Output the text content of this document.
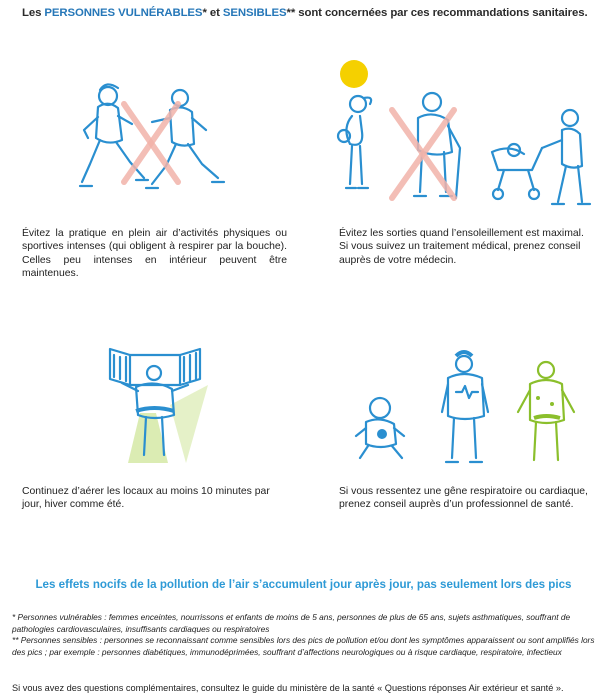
Les PERSONNES VULNÉRABLES* et SENSIBLES** sont concernées par ces recommandations sanitaires.
Évitez la pratique en plein air d’activités physiques ou sportives intenses (qui obligent à respirer par la bouche). Celles peu intenses en intérieur peuvent être maintenues.
Évitez les sorties quand l’ensoleillement est maximal. Si vous suivez un traitement médical, prenez conseil auprès de votre médecin.
Continuez d’aérer les locaux au moins 10 minutes par jour, hiver comme été.
Si vous ressentez une gêne respiratoire ou cardiaque, prenez conseil auprès d’un professionnel de santé.
Les effets nocifs de la pollution de l’air s’accumulent jour après jour, pas seulement lors des pics
* Personnes vulnérables : femmes enceintes, nourrissons et enfants de moins de 5 ans, personnes de plus de 65 ans, sujets asthmatiques, souffrant de pathologies cardiovasculaires, insuffisants cardiaques ou respiratoires
** Personnes sensibles : personnes se reconnaissant comme sensibles lors des pics de pollution et/ou dont les symptômes apparaissent ou sont amplifiés lors des pics ; par exemple : personnes diabétiques, immunodéprimées, souffrant d’affections neurologiques ou à risque cardiaque, respiratoire, infectieux
Si vous avez des questions complémentaires, consultez le guide du ministère de la santé « Questions réponses Air extérieur et santé ».
